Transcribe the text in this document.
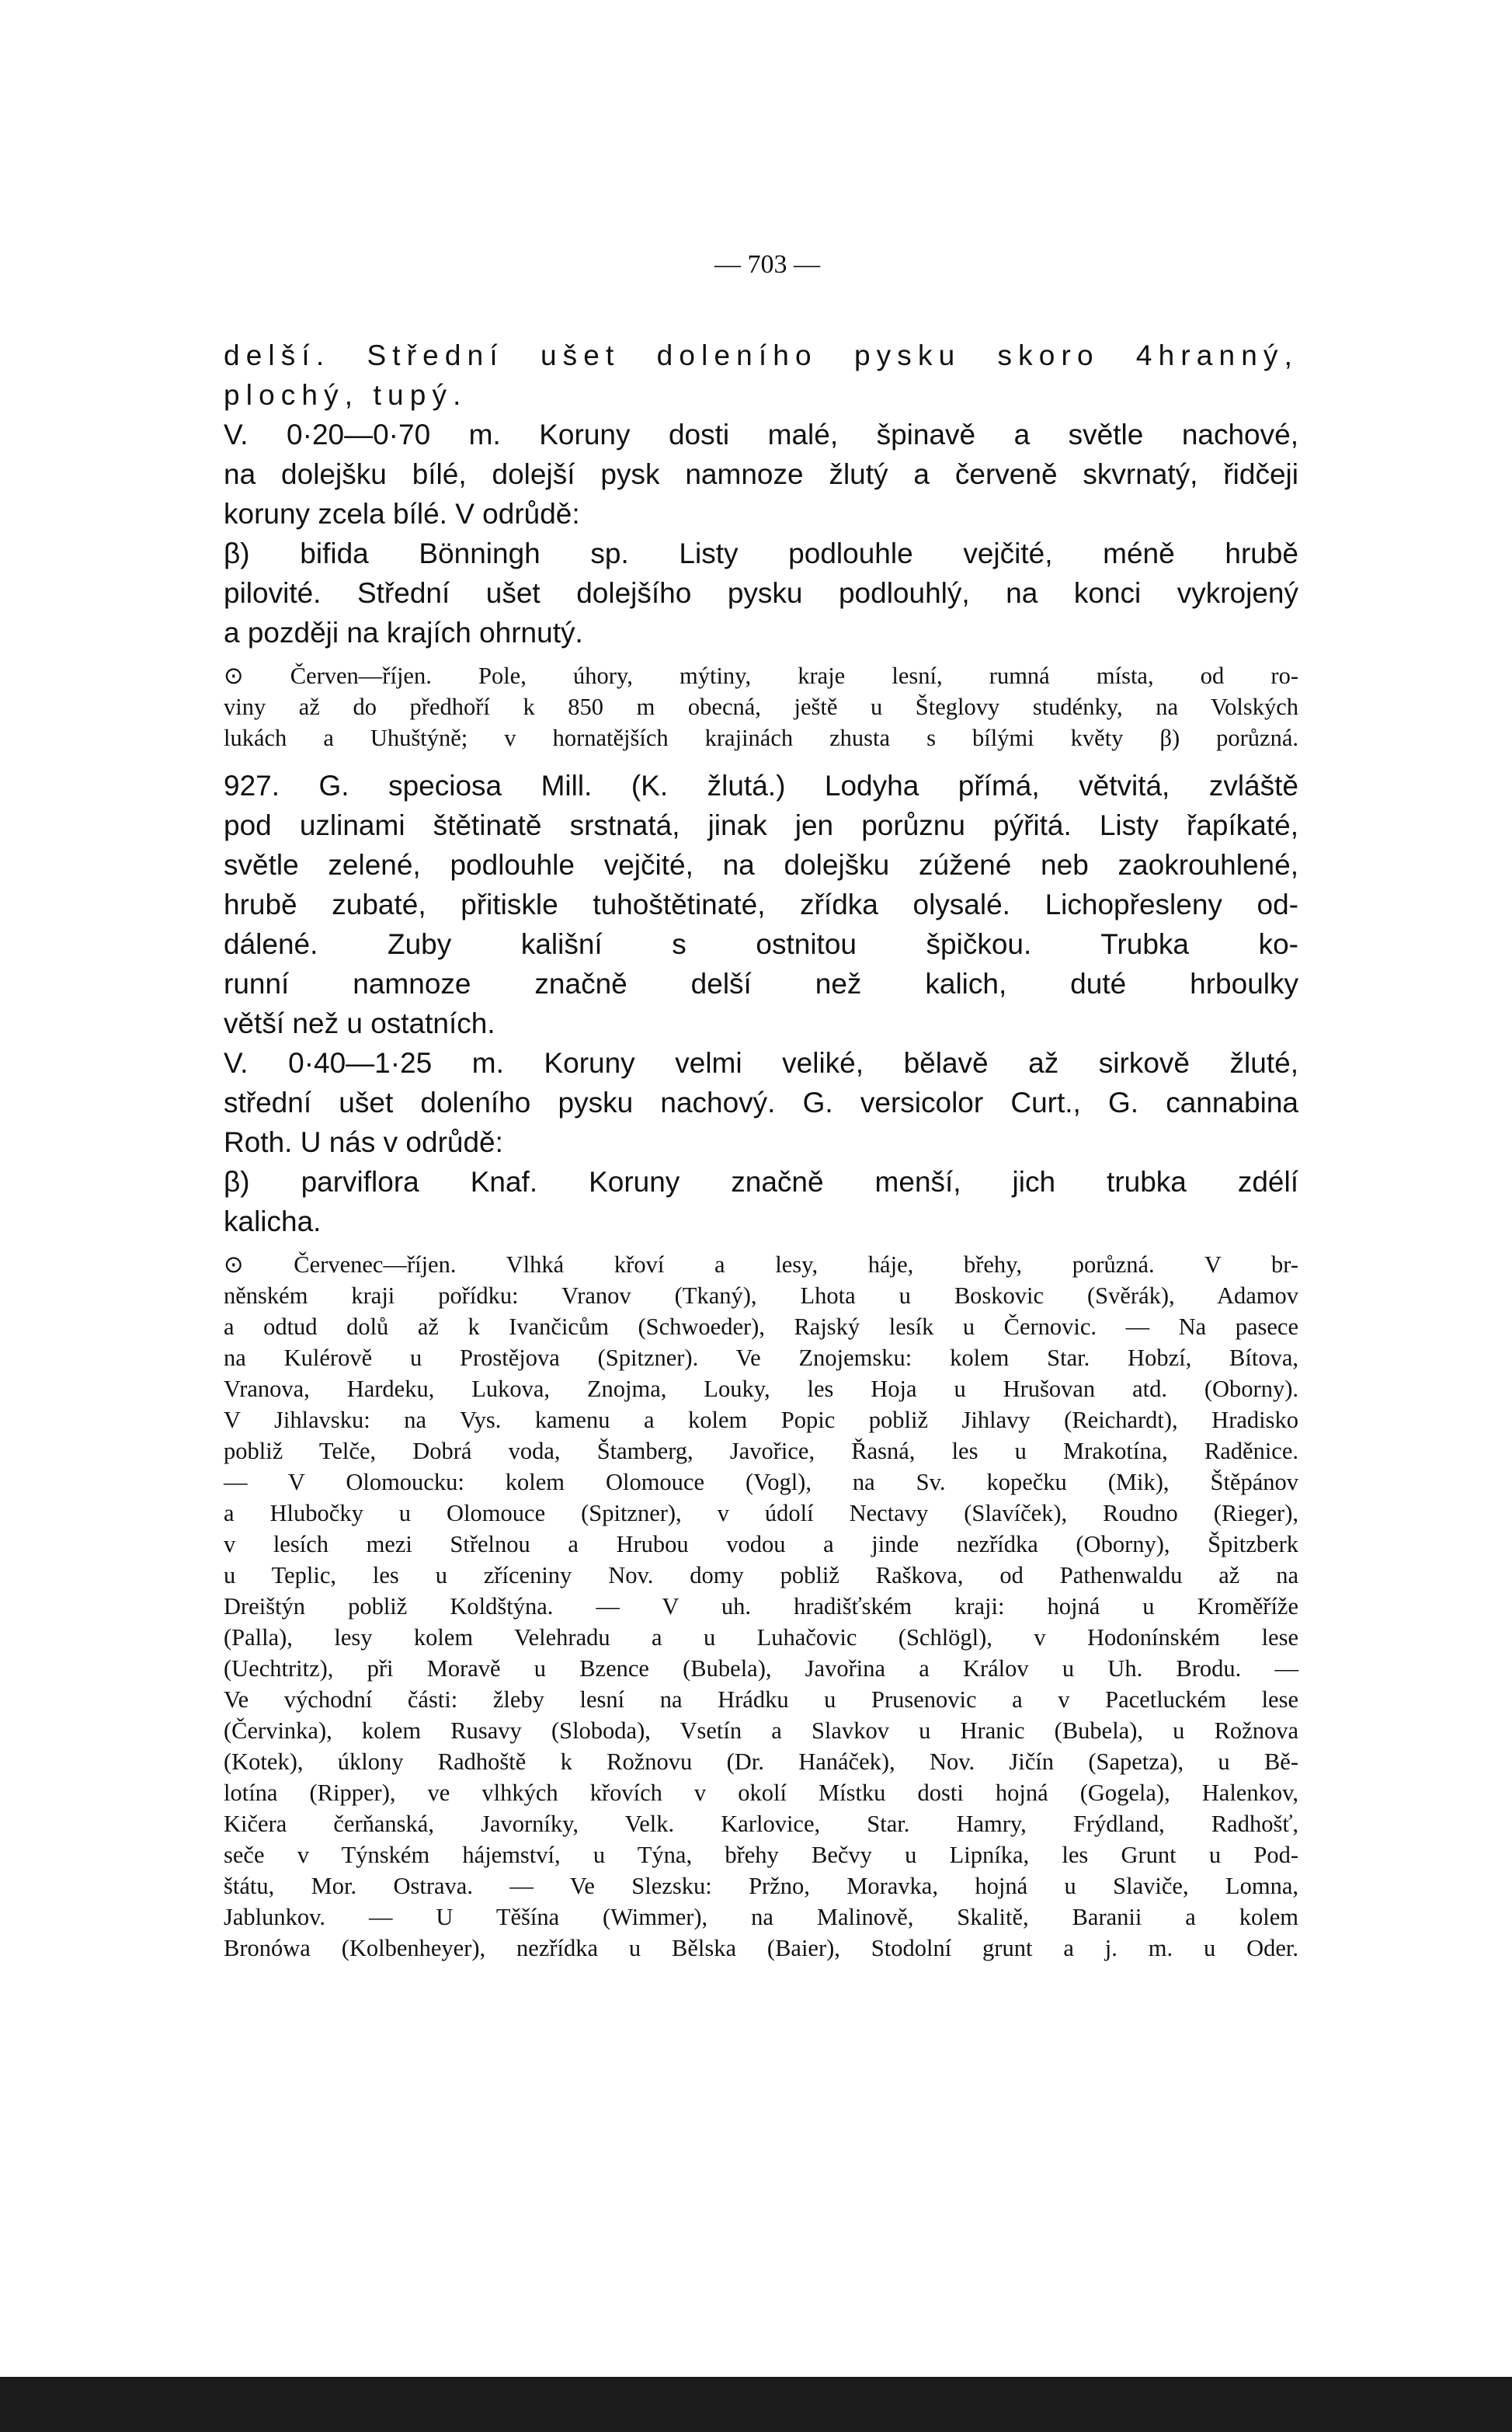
— 703 —
delší. Střední ušet doleního pysku skoro 4hranný,
plochý, tupý.
V. 0·20—0·70 m. Koruny dosti malé, špinavě a světle nachové,
na dolejšku bílé, dolejší pysk namnoze žlutý a červeně skvrnatý, řidčeji
koruny zcela bílé. V odrůdě:
β) bifida Bönningh sp. Listy podlouhle vejčité, méně hrubě
pilovité. Střední ušet dolejšího pysku podlouhlý, na konci vykrojený
a později na krajích ohrnutý.
⊙ Červen—říjen. Pole, úhory, mýtiny, kraje lesní, rumná místa, od ro-
viny až do předhoří k 850 m obecná, ještě u Šteglovy studénky, na Volských
lukách a Uhuštýně; v hornatějších krajinách zhusta s bílými květy β) porůzná.
927. G. speciosa Mill. (K. žlutá.) Lodyha přímá, větvitá, zvláště
pod uzlinami štětinatě srstnatá, jinak jen porůznu pýřitá. Listy řapíkaté,
světle zelené, podlouhle vejčité, na dolejšku zúžené neb zaokrouhlené,
hrubě zubaté, přitiskle tuhoštětinaté, zřídka olysalé. Lichopřesleny od-
dálené. Zuby kališní s ostnitou špičkou. Trubka ko-
runní namnoze značně delší než kalich, duté hrboulky
větší než u ostatních.
V. 0·40—1·25 m. Koruny velmi veliké, bělavě až sirkově žluté,
střední ušet doleního pysku nachový. G. versicolor Curt., G. cannabina
Roth. U nás v odrůdě:
β) parviflora Knaf. Koruny značně menší, jich trubka zdélí
kalicha.
⊙ Červenec—říjen. Vlhká křoví a lesy, háje, břehy, porůzná. V br-
něnském kraji pořídku: Vranov (Tkaný), Lhota u Boskovic (Svěrák), Adamov
a odtud dolů až k Ivančicům (Schwoeder), Rajský lesík u Černovic. — Na pasece
na Kulérově u Prostějova (Spitzner). Ve Znojemsku: kolem Star. Hobzí, Bítova,
Vranova, Hardeku, Lukova, Znojma, Louky, les Hoja u Hrušovan atd. (Oborny).
V Jihlavsku: na Vys. kamenu a kolem Popic pobliž Jihlavy (Reichardt), Hradisko
pobliž Telče, Dobrá voda, Štamberg, Javořice, Řasná, les u Mrakotína, Raděnice.
— V Olomoucku: kolem Olomouce (Vogl), na Sv. kopečku (Mik), Štěpánov
a Hlubočky u Olomouce (Spitzner), v údolí Nectavy (Slavíček), Roudno (Rieger),
v lesích mezi Střelnou a Hrubou vodou a jinde nezřídka (Oborny), Špitzberk
u Teplic, les u zříceniny Nov. domy pobliž Raškova, od Pathenwaldu až na
Dreištýn pobliž Koldštýna. — V uh. hradišťském kraji: hojná u Kroměříže
(Palla), lesy kolem Velehradu a u Luhačovic (Schlögl), v Hodonínském lese
(Uechtritz), při Moravě u Bzence (Bubela), Javořina a Králov u Uh. Brodu. —
Ve východní části: žleby lesní na Hrádku u Prusenovic a v Pacetluckém lese
(Červinka), kolem Rusavy (Sloboda), Vsetín a Slavkov u Hranic (Bubela), u Rožnova
(Kotek), úklony Radhoště k Rožnovu (Dr. Hanáček), Nov. Jičín (Sapetza), u Bě-
lotína (Ripper), ve vlhkých křovích v okolí Místku dosti hojná (Gogela), Halenkov,
Kičera čerňanská, Javorníky, Velk. Karlovice, Star. Hamry, Frýdland, Radhošť,
seče v Týnském hájemství, u Týna, břehy Bečvy u Lipníka, les Grunt u Pod-
štátu, Mor. Ostrava. — Ve Slezsku: Pržno, Moravka, hojná u Slaviče, Lomna,
Jablunkov. — U Těšína (Wimmer), na Malinově, Skalitě, Baranii a kolem
Bronówa (Kolbenheyer), nezřídka u Bělska (Baier), Stodolní grunt a j. m. u Oder.
